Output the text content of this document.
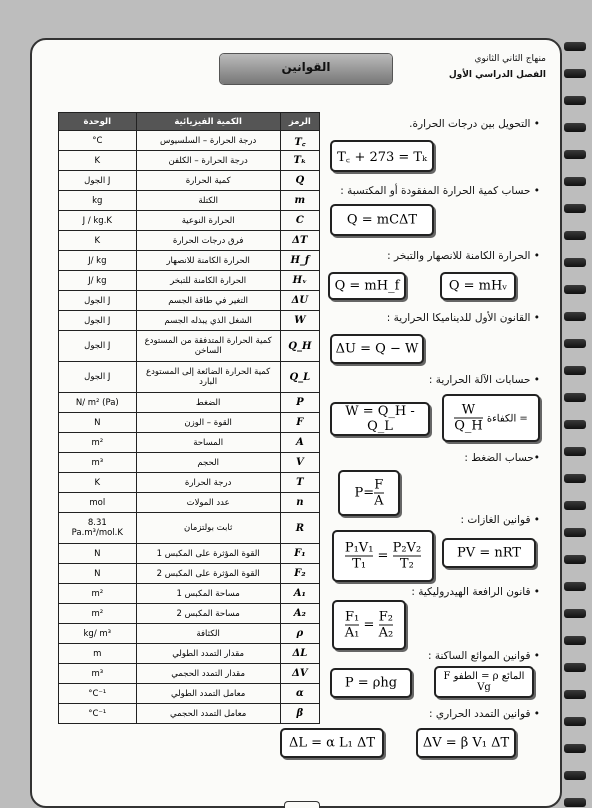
القوانين
منهاج الثاني الثانوي
الفصل الدراسي الأول
الوحدة	الكمية الفيزيائية	الرمز
°C	درجة الحرارة – السلسيوس	T꜀
K	درجة الحرارة – الكلفن	Tₖ
الجول J	كمية الحرارة	Q
kg	الكتلة	m
J / kg.K	الحرارة النوعية	C
K	فرق درجات الحرارة	ΔT
J/ kg	الحرارة الكامنة للانصهار	H_f
J/ kg	الحرارة الكامنة للتبخر	Hᵥ
الجول J	التغير في طاقة الجسم	ΔU
الجول J	الشغل الذي يبذله الجسم	W
الجول J	كمية الحرارة المتدفقة من المستودع الساخن	Q_H
الجول J	كمية الحرارة الضائعة إلى المستودع البارد	Q_L
N/ m² (Pa)	الضغط	P
N	القوة – الوزن	F
m²	المساحة	A
m³	الحجم	V
K	درجة الحرارة	T
mol	عدد المولات	n
8.31 Pa.m³/mol.K	ثابت بولتزمان	R
N	القوة المؤثرة على المكبس 1	F₁
N	القوة المؤثرة على المكبس 2	F₂
m²	مساحة المكبس 1	A₁
m²	مساحة المكبس 2	A₂
kg/ m³	الكثافة	ρ
m	مقدار التمدد الطولي	ΔL
m³	مقدار التمدد الحجمي	ΔV
°C⁻¹	معامل التمدد الطولي	α
°C⁻¹	معامل التمدد الحجمي	β
• التحويل بين درجات الحرارة.
T꜀ + 273 = Tₖ
• حساب كمية الحرارة المفقودة أو المكتسبة :
Q = mCΔT
• الحرارة الكامنة للانصهار والتبخر :
Q = mH_f	Q = mHᵥ
• القانون الأول للديناميكا الحرارية :
ΔU = Q − W
• حسابات الآلة الحرارية :
W = Q_H - Q_L	$\frac{W}{Q\_H}$ الكفاءة =
•حساب الضغط :
$P= \frac{F}{A}$
• قوانين الغازات :
$\frac{\text{P₁V₁}}{\text{T₁}} = \frac{\text{P₂V₂}}{\text{T₂}}$	PV = nRT
• قانون الرافعة الهيدروليكية :
$\frac{\text{F₁}}{\text{A₁}} = \frac{\text{F₂}}{\text{A₂}}$
• قوانين الموائع الساكنة :
P = ρhg	F الطفو = ρ المائع Vg
• قوانين التمدد الحراري :
ΔL = α L₁ ΔT	ΔV = β V₁ ΔT
